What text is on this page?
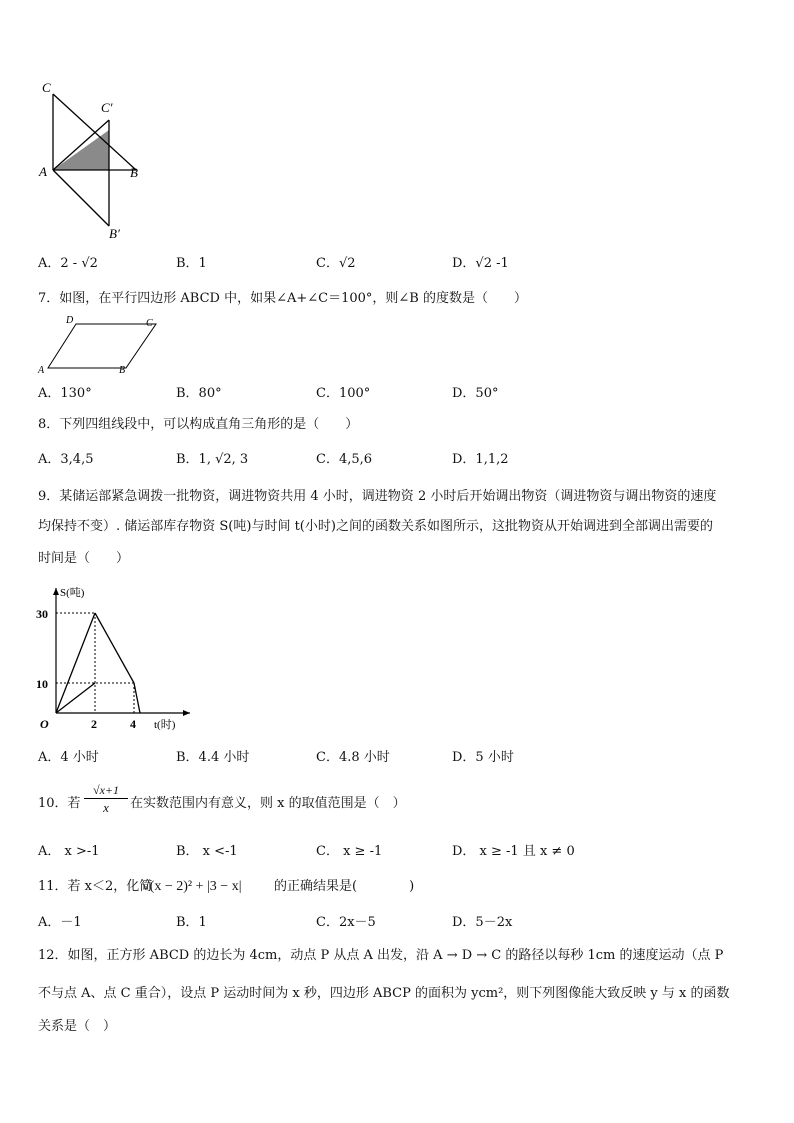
C
C′
A	B
B′
A．2 - √2	B．1	C．√2	D．√2 -1
7．如图，在平行四边形 ABCD 中，如果∠A+∠C＝100°，则∠B 的度数是（　　）
D	C
A	B
A．130°	B．80°	C．100°	D．50°
8．下列四组线段中，可以构成直角三角形的是（　　）
A．3,4,5	B．1, √2, 3	C．4,5,6	D．1,1,2
9．某储运部紧急调拨一批物资，调进物资共用 4 小时，调进物资 2 小时后开始调出物资（调进物资与调出物资的速度
均保持不变）. 储运部库存物资 S(吨)与时间 t(小时)之间的函数关系如图所示，这批物资从开始调进到全部调出需要的
时间是（　　）
S(吨)
t(时)
O
30
10
2	4
A．4 小时	B．4.4 小时	C．4.8 小时	D．5 小时
10．若 $\frac{√x+1}{x}$ 在实数范围内有意义，则 x 的取值范围是（　）
A． x >-1	B． x <-1	C． x ≥ -1	D． x ≥ -1 且 x ≠ 0
11．若 x＜2，化简
√(x − 2)² + |3 − x|	的正确结果是(　　　　)
A．－1	B．1	C．2x－5	D．5－2x
12．如图，正方形 ABCD 的边长为 4cm，动点 P 从点 A 出发，沿 A → D → C 的路径以每秒 1cm 的速度运动（点 P
不与点 A、点 C 重合），设点 P 运动时间为 x 秒，四边形 ABCP 的面积为 ycm²，则下列图像能大致反映 y 与 x 的函数
关系是（　）
